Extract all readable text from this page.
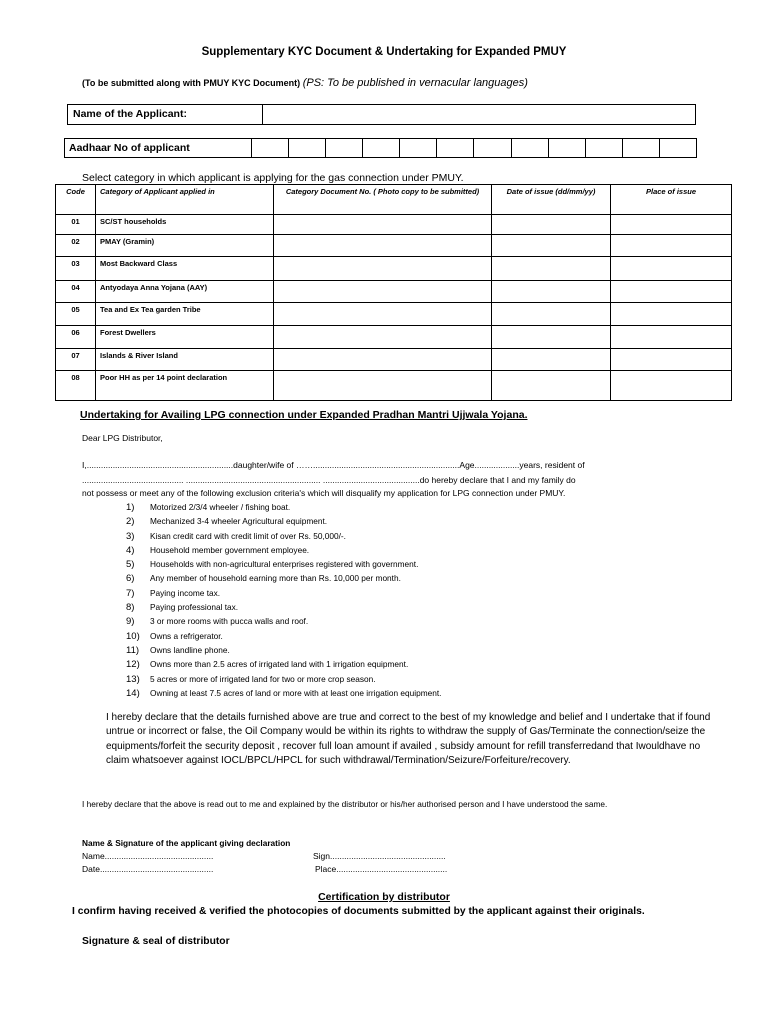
Supplementary KYC Document & Undertaking for Expanded PMUY
(To be submitted along with PMUY KYC Document) (PS: To be published in vernacular languages)
Name of the Applicant:
Aadhaar No of applicant
Select category in which applicant is applying for the gas connection under PMUY.
Code	Category of Applicant applied in	Category Document No. ( Photo copy to be submitted)	Date of issue (dd/mm/yy)	Place of issue
01	SC/ST households			
02	PMAY (Gramin)			
03	Most Backward Class			
04	Antyodaya Anna Yojana (AAY)			
05	Tea and Ex Tea garden Tribe			
06	Forest Dwellers			
07	Islands & River Island			
08	Poor HH as per 14 point declaration			
Undertaking for Availing LPG connection under Expanded Pradhan Mantri Ujjwala Yojana.
Dear LPG Distributor,
I,..............................................................daughter/wife of ……..............................................................Age...................years, resident of
........................................... ......................................................... .........................................do hereby declare that I and my family do
not possess or meet any of the following exclusion criteria's which will disqualify my application for LPG connection under PMUY.
1)	Motorized 2/3/4 wheeler / fishing boat.
2)	Mechanized 3-4 wheeler Agricultural equipment.
3)	Kisan credit card with credit limit of over Rs. 50,000/-.
4)	Household member government employee.
5)	Households with non-agricultural enterprises registered with government.
6)	Any member of household earning more than Rs. 10,000 per month.
7)	Paying income tax.
8)	Paying professional tax.
9)	3 or more rooms with pucca walls and roof.
10)	Owns a refrigerator.
11)	Owns landline phone.
12)	Owns more than 2.5 acres of irrigated land with 1 irrigation equipment.
13)	5 acres or more of irrigated land for two or more crop season.
14)	Owning at least 7.5 acres of land or more with at least one irrigation equipment.
I hereby declare that the details furnished above are true and correct to the best of my knowledge and belief and I undertake that if found untrue or incorrect or false, the Oil Company would be within its rights to withdraw the supply of Gas/Terminate the connection/seize the equipments/forfeit the security deposit , recover full loan amount if availed , subsidy amount for refill transferredand that Iwouldhave no claim whatsoever against IOCL/BPCL/HPCL for such withdrawal/Termination/Seizure/Forfeiture/recovery.
I hereby declare that the above is read out to me and explained by the distributor or his/her authorised person and I have understood the same.
Name & Signature of the applicant giving declaration
Name..............................................	Sign.................................................
Date................................................	Place...............................................
Certification by distributor
I confirm having received & verified the photocopies of documents submitted by the applicant against their originals.
Signature & seal of distributor
